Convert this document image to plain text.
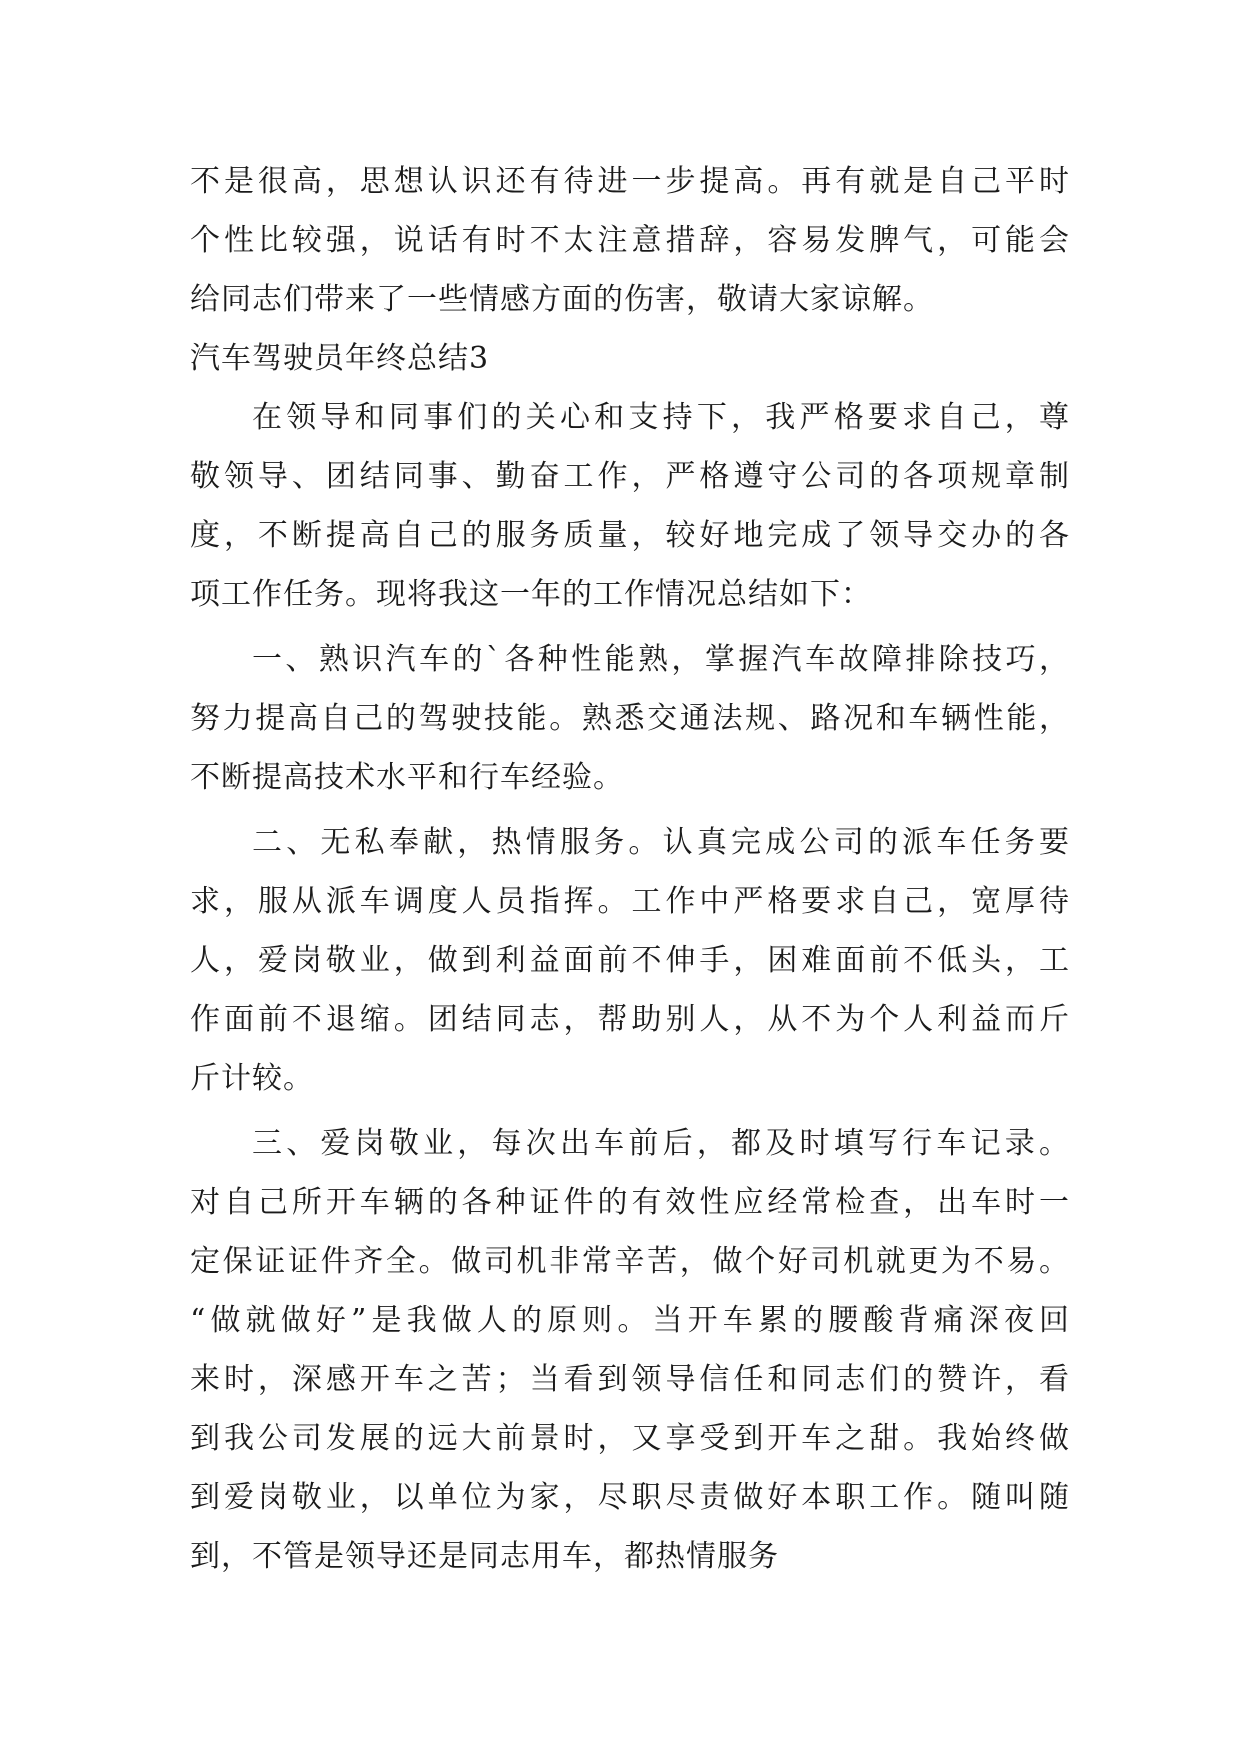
不是很高，思想认识还有待进一步提高。再有就是自己平时
个性比较强，说话有时不太注意措辞，容易发脾气，可能会
给同志们带来了一些情感方面的伤害，敬请大家谅解。
汽车驾驶员年终总结3
在领导和同事们的关心和支持下，我严格要求自己，尊
敬领导、团结同事、勤奋工作，严格遵守公司的各项规章制
度，不断提高自己的服务质量，较好地完成了领导交办的各
项工作任务。现将我这一年的工作情况总结如下：
一、熟识汽车的`各种性能熟，掌握汽车故障排除技巧，
努力提高自己的驾驶技能。熟悉交通法规、路况和车辆性能，
不断提高技术水平和行车经验。
二、无私奉献，热情服务。认真完成公司的派车任务要
求，服从派车调度人员指挥。工作中严格要求自己，宽厚待
人，爱岗敬业，做到利益面前不伸手，困难面前不低头，工
作面前不退缩。团结同志，帮助别人，从不为个人利益而斤
斤计较。
三、爱岗敬业，每次出车前后，都及时填写行车记录。
对自己所开车辆的各种证件的有效性应经常检查，出车时一
定保证证件齐全。做司机非常辛苦，做个好司机就更为不易。
“做就做好”是我做人的原则。当开车累的腰酸背痛深夜回
来时，深感开车之苦；当看到领导信任和同志们的赞许，看
到我公司发展的远大前景时，又享受到开车之甜。我始终做
到爱岗敬业，以单位为家，尽职尽责做好本职工作。随叫随
到，不管是领导还是同志用车，都热情服务
